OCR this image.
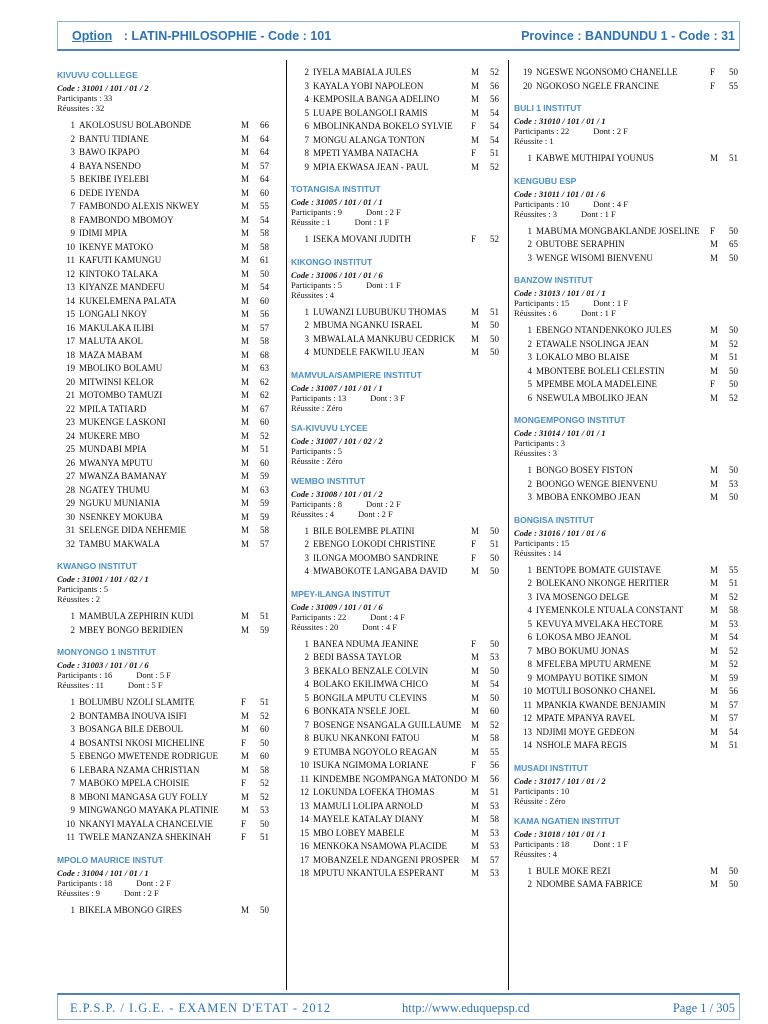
Option : LATIN-PHILOSOPHIE - Code : 101	Province : BANDUNDU 1 - Code : 31
KIVUVU COLLLEGE
Code : 31001 / 101 / 01 / 2
Participants : 33
Réussites : 32
1 AKOLOSUSU BOLABONDE	M	66
2 BANTU TIDIANE	M	64
3 BAWO IKPAPO	M	64
4 BAYA NSENDO	M	57
5 BEKIBE IYELEBI	M	64
6 DEDE IYENDA	M	60
7 FAMBONDO ALEXIS NKWEY	M	55
8 FAMBONDO MBOMOY	M	54
9 IDIMI MPIA	M	58
10 IKENYE MATOKO	M	58
11 KAFUTI KAMUNGU	M	61
12 KINTOKO TALAKA	M	50
13 KIYANZE MANDEFU	M	54
14 KUKELEMENA PALATA	M	60
15 LONGALI NKOY	M	56
16 MAKULAKA ILIBI	M	57
17 MALUTA AKOL	M	58
18 MAZA MABAM	M	68
19 MBOLIKO BOLAMU	M	63
20 MITWINSI KELOR	M	62
21 MOTOMBO TAMUZI	M	62
22 MPILA TATIARD	M	67
23 MUKENGE LASKONI	M	60
24 MUKERE MBO	M	52
25 MUNDABI MPIA	M	51
26 MWANYA MPUTU	M	60
27 MWANZA BAMANAY	M	59
28 NGATEY THUMU	M	63
29 NGUKU MUNIANIA	M	59
30 NSENKEY MOKUBA	M	59
31 SELENGE DIDA NEHEMIE	M	58
32 TAMBU MAKWALA	M	57
KWANGO INSTITUT
Code : 31001 / 101 / 02 / 1
Participants : 5
Réussites : 2
1 MAMBULA ZEPHIRIN KUDI	M	51
2 MBEY BONGO BERIDIEN	M	59
MONYONGO 1 INSTITUT
Code : 31003 / 101 / 01 / 6
Participants : 16	Dont : 5 F
Réussites : 11	Dont : 5 F
1 BOLUMBU NZOLI SLAMITE	F	51
2 BONTAMBA INOUVA ISIFI	M	52
3 BOSANGA BILE DEBOUL	M	60
4 BOSANTSI NKOSI MICHELINE	F	50
5 EBENGO MWETENDE RODRIGUE	M	60
6 LEBARA NZAMA CHRISTIAN	M	58
7 MABOKO MPELA CHOISIE	F	52
8 MBONI MANGASA GUY FOLLY	M	52
9 MINGWANGO MAYAKA PLATINIE	M	53
10 NKANYI MAYALA CHANCELVIE	F	50
11 TWELE MANZANZA SHEKINAH	F	51
MPOLO MAURICE INSTUT
Code : 31004 / 101 / 01 / 1
Participants : 18	Dont : 2 F
Réussites : 9	Dont : 2 F
1 BIKELA MBONGO GIRES	M	50
2 IYELA MABIALA JULES	M	52
3 KAYALA YOBI NAPOLEON	M	56
4 KEMPOSILA BANGA ADELINO	M	56
5 LUAPE BOLANGOLI RAMIS	M	54
6 MBOLINKANDA BOKELO SYLVIE	F	54
7 MONGU ALANGA TONTON	M	54
8 MPETI YAMBA NATACHA	F	51
9 MPIA EKWASA JEAN - PAUL	M	52
TOTANGISA INSTITUT
Code : 31005 / 101 / 01 / 1
Participants : 9	Dont : 2 F
Réussite : 1	Dont : 1 F
1 ISEKA MOVANI JUDITH	F	52
KIKONGO INSTITUT
Code : 31006 / 101 / 01 / 6
Participants : 5	Dont : 1 F
Réussites : 4
1 LUWANZI LUBUBUKU THOMAS	M	51
2 MBUMA NGANKU ISRAEL	M	50
3 MBWALALA MANKUBU CEDRICK	M	50
4 MUNDELE FAKWILU JEAN	M	50
MAMVULA/SAMPIERE INSTITUT
Code : 31007 / 101 / 01 / 1
Participants : 13	Dont : 3 F
Réussite : Zéro
SA-KIVUVU LYCEE
Code : 31007 / 101 / 02 / 2
Participants : 5
Réussite : Zéro
WEMBO INSTITUT
Code : 31008 / 101 / 01 / 2
Participants : 8	Dont : 2 F
Réussites : 4	Dont : 2 F
1 BILE BOLEMBE PLATINI	M	50
2 EBENGO LOKODI CHRISTINE	F	51
3 ILONGA MOOMBO SANDRINE	F	50
4 MWABOKOTE LANGABA DAVID	M	50
MPEY-ILANGA INSTITUT
Code : 31009 / 101 / 01 / 6
Participants : 22	Dont : 4 F
Réussites : 20	Dont : 4 F
1 BANEA NDUMA JEANINE	F	50
2 BEDI BASSA TAYLOR	M	53
3 BEKALO BENZALE COLVIN	M	50
4 BOLAKO EKILIMWA CHICO	M	54
5 BONGILA MPUTU CLEVINS	M	50
6 BONKATA N'SELE JOEL	M	60
7 BOSENGE NSANGALA GUILLAUME	M	52
8 BUKU NKANKONI FATOU	M	58
9 ETUMBA NGOYOLO REAGAN	M	55
10 ISUKA NGIMOMA LORIANE	F	56
11 KINDEMBE NGOMPANGA MATONDO M	56
12 LOKUNDA LOFEKA THOMAS	M	51
13 MAMULI LOLIPA ARNOLD	M	53
14 MAYELE KATALAY DIANY	M	58
15 MBO LOBEY MABELE	M	53
16 MENKOKA NSAMOWA PLACIDE	M	53
17 MOBANZELE NDANGENI PROSPER	M	57
18 MPUTU NKANTULA ESPERANT	M	53
19 NGESWE NGONSOMO CHANELLE	F	50
20 NGOKOSO NGELE FRANCINE	F	55
BULI 1 INSTITUT
Code : 31010 / 101 / 01 / 1
Participants : 22	Dont : 2 F
Réussite : 1
1 KABWE MUTHIPAI YOUNUS	M	51
KENGUBU ESP
Code : 31011 / 101 / 01 / 6
Participants : 10	Dont : 4 F
Réussites : 3	Dont : 1 F
1 MABUMA MONGBAKLANDE JOSELINE	F	50
2 OBUTOBE SERAPHIN	M	65
3 WENGE WISOMI BIENVENU	M	50
BANZOW INSTITUT
Code : 31013 / 101 / 01 / 1
Participants : 15	Dont : 1 F
Réussites : 6	Dont : 1 F
1 EBENGO NTANDENKOKO JULES	M	50
2 ETAWALE NSOLINGA JEAN	M	52
3 LOKALO MBO BLAISE	M	51
4 MBONTEBE BOLELI CELESTIN	M	50
5 MPEMBE MOLA MADELEINE	F	50
6 NSEWULA MBOLIKO JEAN	M	52
MONGEMPONGO INSTITUT
Code : 31014 / 101 / 01 / 1
Participants : 3
Réussites : 3
1 BONGO BOSEY FISTON	M	50
2 BOONGO WENGE BIENVENU	M	53
3 MBOBA ENKOMBO JEAN	M	50
BONGISA INSTITUT
Code : 31016 / 101 / 01 / 6
Participants : 15
Réussites : 14
1 BENTOPE BOMATE GUISTAVE	M	55
2 BOLEKANO NKONGE HERITIER	M	51
3 IVA MOSENGO DELGE	M	52
4 IYEMENKOLE NTUALA CONSTANT	M	58
5 KEVUYA MVELAKA HECTORE	M	53
6 LOKOSA MBO JEANOL	M	54
7 MBO BOKUMU JONAS	M	52
8 MFELEBA MPUTU ARMENE	M	52
9 MOMPAYU BOTIKE SIMON	M	59
10 MOTULI BOSONKO CHANEL	M	56
11 MPANKIA KWANDE BENJAMIN	M	57
12 MPATE MPANYA RAVEL	M	57
13 NDJIMI MOYE GEDEON	M	54
14 NSHOLE MAFA REGIS	M	51
MUSADI INSTITUT
Code : 31017 / 101 / 01 / 2
Participants : 10
Réussite : Zéro
KAMA NGATIEN INSTITUT
Code : 31018 / 101 / 01 / 1
Participants : 18	Dont : 1 F
Réussites : 4
1 BULE MOKE REZI	M	50
2 NDOMBE SAMA FABRICE	M	50
E.P.S.P. / I.G.E. - EXAMEN D'ETAT - 2012	http://www.eduquepsp.cd	Page 1 / 305
